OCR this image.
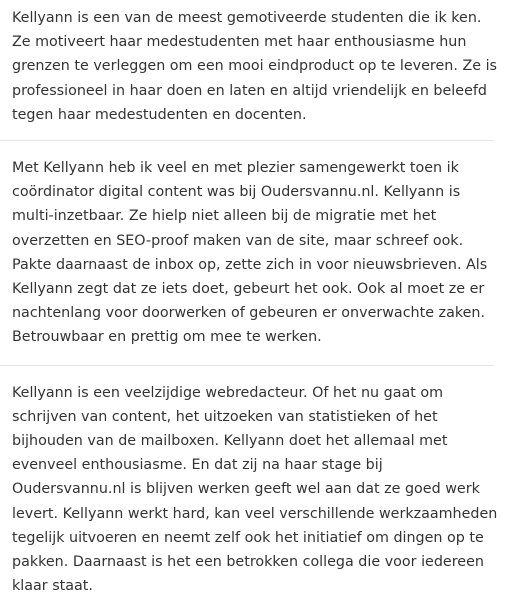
Kellyann is een van de meest gemotiveerde studenten die ik ken. Ze motiveert haar medestudenten met haar enthousiasme hun grenzen te verleggen om een mooi eindproduct op te leveren. Ze is professioneel in haar doen en laten en altijd vriendelijk en beleefd tegen haar medestudenten en docenten.

Met Kellyann heb ik veel en met plezier samengewerkt toen ik coördinator digital content was bij Oudersvannu.nl. Kellyann is multi-inzetbaar. Ze hielp niet alleen bij de migratie met het overzetten en SEO-proof maken van de site, maar schreef ook. Pakte daarnaast de inbox op, zette zich in voor nieuwsbrieven. Als Kellyann zegt dat ze iets doet, gebeurt het ook. Ook al moet ze er nachtenlang voor doorwerken of gebeuren er onverwachte zaken. Betrouwbaar en prettig om mee te werken.

Kellyann is een veelzijdige webredacteur. Of het nu gaat om schrijven van content, het uitzoeken van statistieken of het bijhouden van de mailboxen. Kellyann doet het allemaal met evenveel enthousiasme. En dat zij na haar stage bij Oudersvannu.nl is blijven werken geeft wel aan dat ze goed werk levert. Kellyann werkt hard, kan veel verschillende werkzaamheden tegelijk uitvoeren en neemt zelf ook het initiatief om dingen op te pakken. Daarnaast is het een betrokken collega die voor iedereen klaar staat.
